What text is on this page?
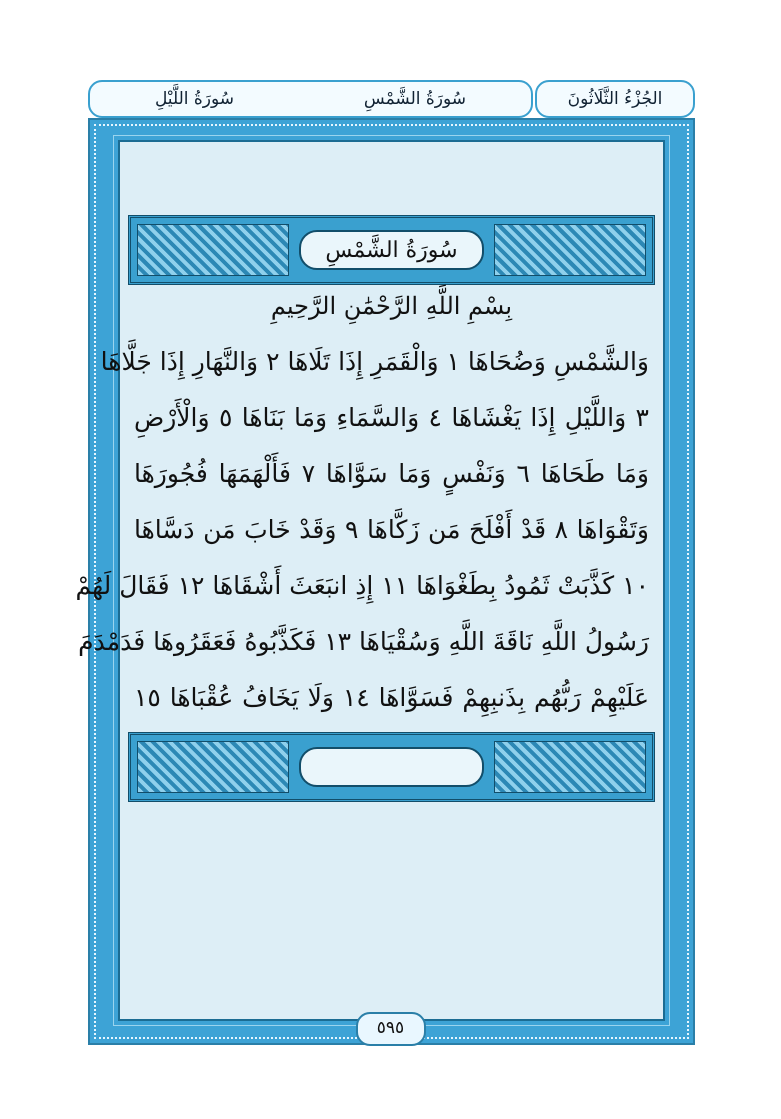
سُورَةُ اللَّيْلِ	سُورَةُ الشَّمْسِ	الجُزْءُ الثَّلَاثُونَ
سُورَةُ الشَّمْسِ
بِسْمِ اللَّهِ الرَّحْمَٰنِ الرَّحِيمِ
وَالشَّمْسِ وَضُحَاهَا ١ وَالْقَمَرِ إِذَا تَلَاهَا ٢ وَالنَّهَارِ إِذَا جَلَّاهَا
٣ وَاللَّيْلِ إِذَا يَغْشَاهَا ٤ وَالسَّمَاءِ وَمَا بَنَاهَا ٥ وَالْأَرْضِ
وَمَا طَحَاهَا ٦ وَنَفْسٍ وَمَا سَوَّاهَا ٧ فَأَلْهَمَهَا فُجُورَهَا
وَتَقْوَاهَا ٨ قَدْ أَفْلَحَ مَن زَكَّاهَا ٩ وَقَدْ خَابَ مَن دَسَّاهَا
١٠ كَذَّبَتْ ثَمُودُ بِطَغْوَاهَا ١١ إِذِ انبَعَثَ أَشْقَاهَا ١٢ فَقَالَ لَهُمْ
رَسُولُ اللَّهِ نَاقَةَ اللَّهِ وَسُقْيَاهَا ١٣ فَكَذَّبُوهُ فَعَقَرُوهَا فَدَمْدَمَ
عَلَيْهِمْ رَبُّهُم بِذَنبِهِمْ فَسَوَّاهَا ١٤ وَلَا يَخَافُ عُقْبَاهَا ١٥
٥٩٥
